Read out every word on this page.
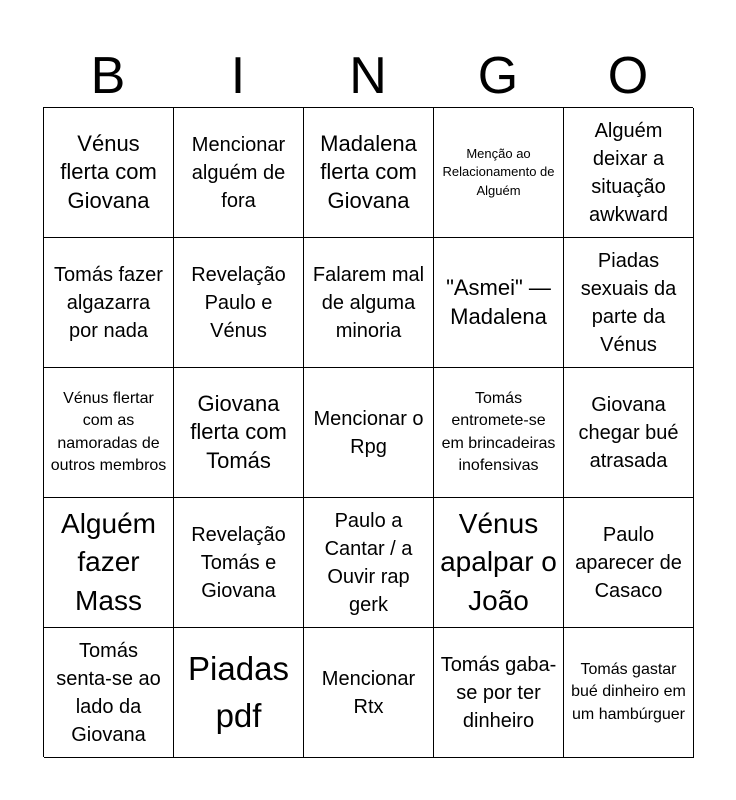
B	I	N	G	O
Vénus flerta com Giovana
Mencionar alguém de fora
Madalena flerta com Giovana
Menção ao Relacionamento de Alguém
Alguém deixar a situação awkward
Tomás fazer algazarra por nada
Revelação Paulo e Vénus
Falarem mal de alguma minoria
"Asmei" — Madalena
Piadas sexuais da parte da Vénus
Vénus flertar com as namoradas de outros membros
Giovana flerta com Tomás
Mencionar o Rpg
Tomás entromete-se em brincadeiras inofensivas
Giovana chegar bué atrasada
Alguém fazer Mass
Revelação Tomás e Giovana
Paulo a Cantar / a Ouvir rap gerk
Vénus apalpar o João
Paulo aparecer de Casaco
Tomás senta-se ao lado da Giovana
Piadas pdf
Mencionar Rtx
Tomás gaba-se por ter dinheiro
Tomás gastar bué dinheiro em um hambúrguer
